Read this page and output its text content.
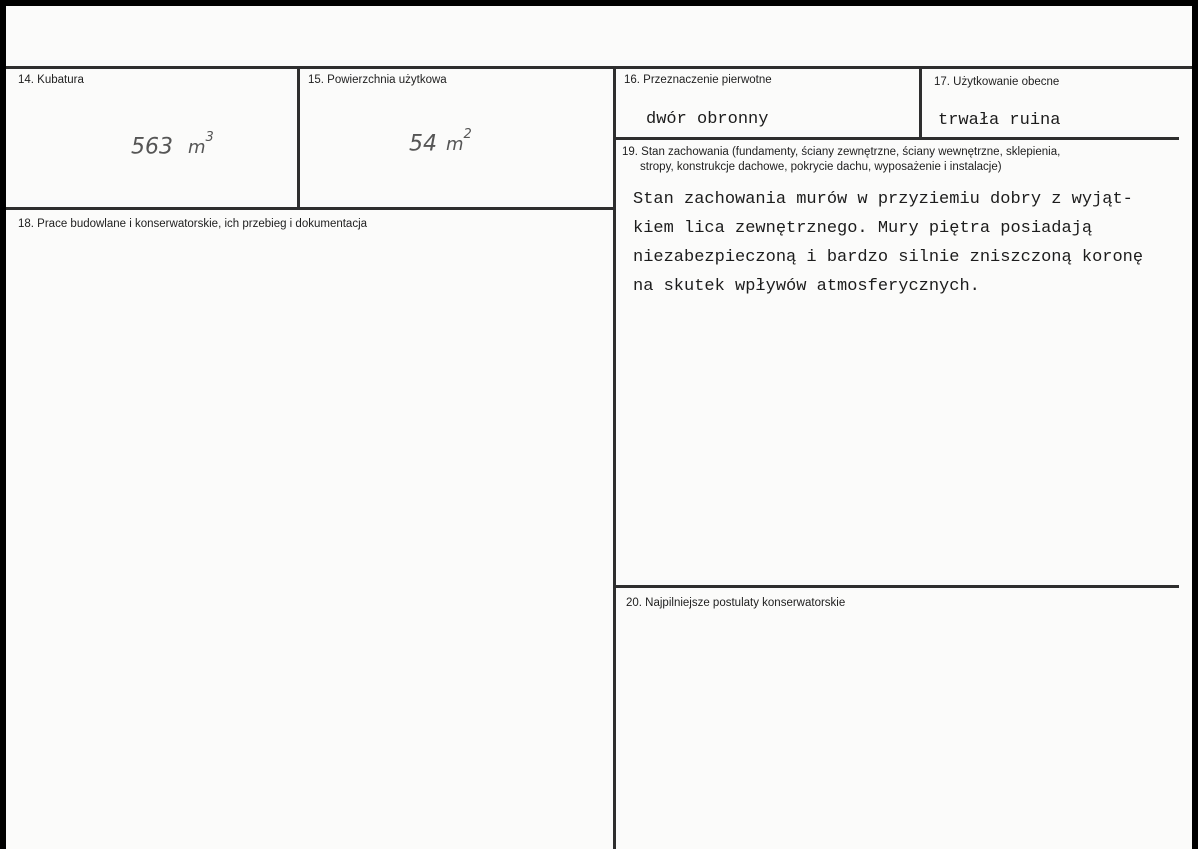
14. Kubatura
563 $m^3$
15. Powierzchnia użytkowa
54 $m^2$
16. Przeznaczenie pierwotne
dwór obronny
17. Użytkowanie obecne
trwała ruina
18. Prace budowlane i konserwatorskie, ich przebieg i dokumentacja
19. Stan zachowania (fundamenty, ściany zewnętrzne, ściany wewnętrzne, sklepienia,
stropy, konstrukcje dachowe, pokrycie dachu, wyposażenie i instalacje)
Stan zachowania murów w przyziemiu dobry z wyjąt-
kiem lica zewnętrznego. Mury piętra posiadają
niezabezpieczoną i bardzo silnie zniszczoną koronę
na skutek wpływów atmosferycznych.
20. Najpilniejsze postulaty konserwatorskie
